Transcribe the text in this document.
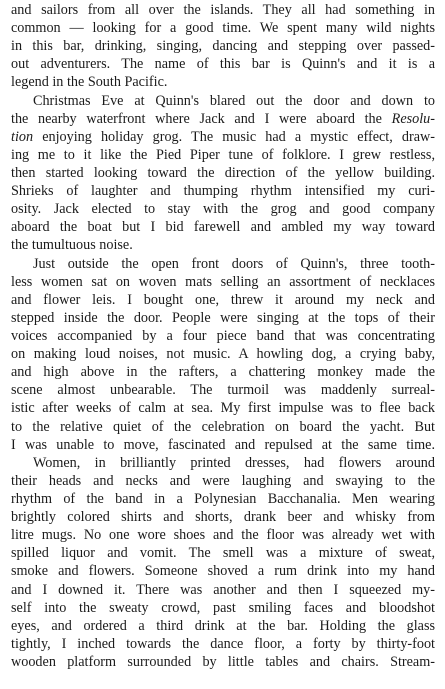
and sailors from all over the islands. They all had something in
common — looking for a good time. We spent many wild nights
in this bar, drinking, singing, dancing and stepping over passed-
out adventurers. The name of this bar is Quinn's and it is a
legend in the South Pacific.
Christmas Eve at Quinn's blared out the door and down to
the nearby waterfront where Jack and I were aboard the Resolu-
tion enjoying holiday grog. The music had a mystic effect, draw-
ing me to it like the Pied Piper tune of folklore. I grew restless,
then started looking toward the direction of the yellow building.
Shrieks of laughter and thumping rhythm intensified my curi-
osity. Jack elected to stay with the grog and good company
aboard the boat but I bid farewell and ambled my way toward
the tumultuous noise.
Just outside the open front doors of Quinn's, three tooth-
less women sat on woven mats selling an assortment of necklaces
and flower leis. I bought one, threw it around my neck and
stepped inside the door. People were singing at the tops of their
voices accompanied by a four piece band that was concentrating
on making loud noises, not music. A howling dog, a crying baby,
and high above in the rafters, a chattering monkey made the
scene almost unbearable. The turmoil was maddenly surreal-
istic after weeks of calm at sea. My first impulse was to flee back
to the relative quiet of the celebration on board the yacht. But
I was unable to move, fascinated and repulsed at the same time.
Women, in brilliantly printed dresses, had flowers around
their heads and necks and were laughing and swaying to the
rhythm of the band in a Polynesian Bacchanalia. Men wearing
brightly colored shirts and shorts, drank beer and whisky from
litre mugs. No one wore shoes and the floor was already wet with
spilled liquor and vomit. The smell was a mixture of sweat,
smoke and flowers. Someone shoved a rum drink into my hand
and I downed it. There was another and then I squeezed my-
self into the sweaty crowd, past smiling faces and bloodshot
eyes, and ordered a third drink at the bar. Holding the glass
tightly, I inched towards the dance floor, a forty by thirty-foot
wooden platform surrounded by little tables and chairs. Stream-
